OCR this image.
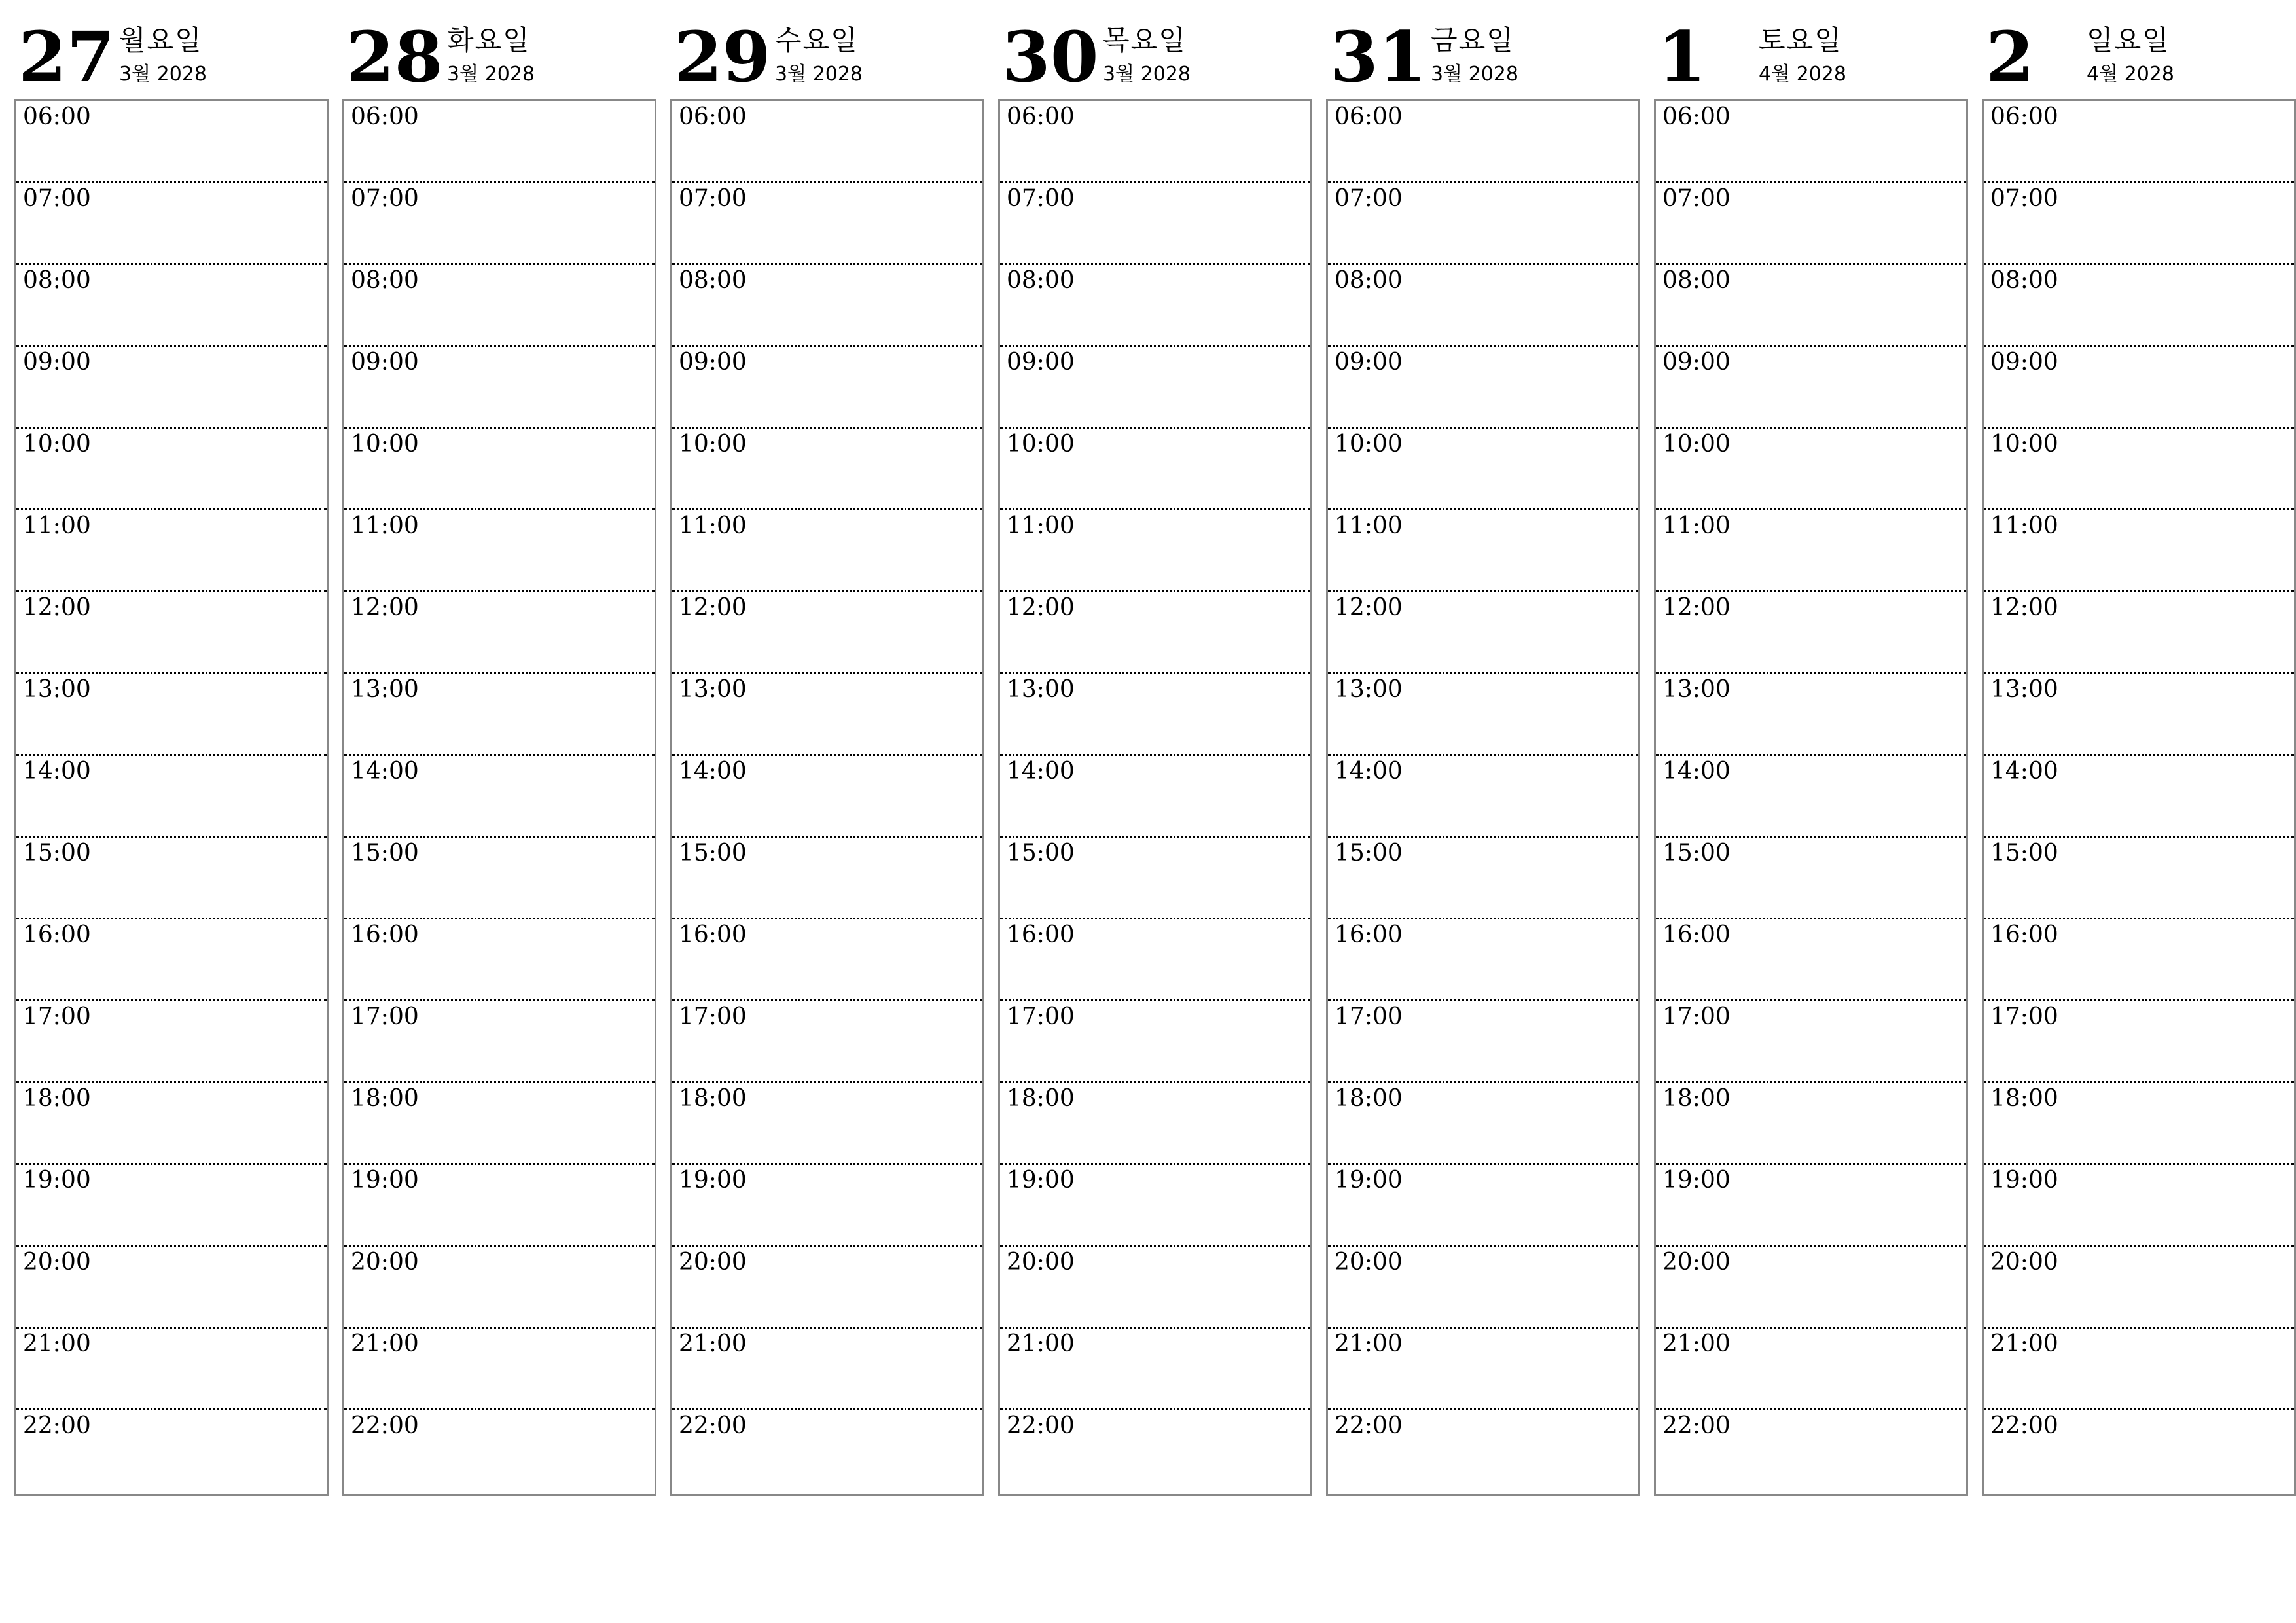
27 월요일
3월 2028
06:00
07:00
08:00
09:00
10:00
11:00
12:00
13:00
14:00
15:00
16:00
17:00
18:00
19:00
20:00
21:00
22:00
28 화요일
3월 2028
06:00
07:00
08:00
09:00
10:00
11:00
12:00
13:00
14:00
15:00
16:00
17:00
18:00
19:00
20:00
21:00
22:00
29 수요일
3월 2028
06:00
07:00
08:00
09:00
10:00
11:00
12:00
13:00
14:00
15:00
16:00
17:00
18:00
19:00
20:00
21:00
22:00
30 목요일
3월 2028
06:00
07:00
08:00
09:00
10:00
11:00
12:00
13:00
14:00
15:00
16:00
17:00
18:00
19:00
20:00
21:00
22:00
31 금요일
3월 2028
06:00
07:00
08:00
09:00
10:00
11:00
12:00
13:00
14:00
15:00
16:00
17:00
18:00
19:00
20:00
21:00
22:00
1 토요일
4월 2028
06:00
07:00
08:00
09:00
10:00
11:00
12:00
13:00
14:00
15:00
16:00
17:00
18:00
19:00
20:00
21:00
22:00
2 일요일
4월 2028
06:00
07:00
08:00
09:00
10:00
11:00
12:00
13:00
14:00
15:00
16:00
17:00
18:00
19:00
20:00
21:00
22:00
